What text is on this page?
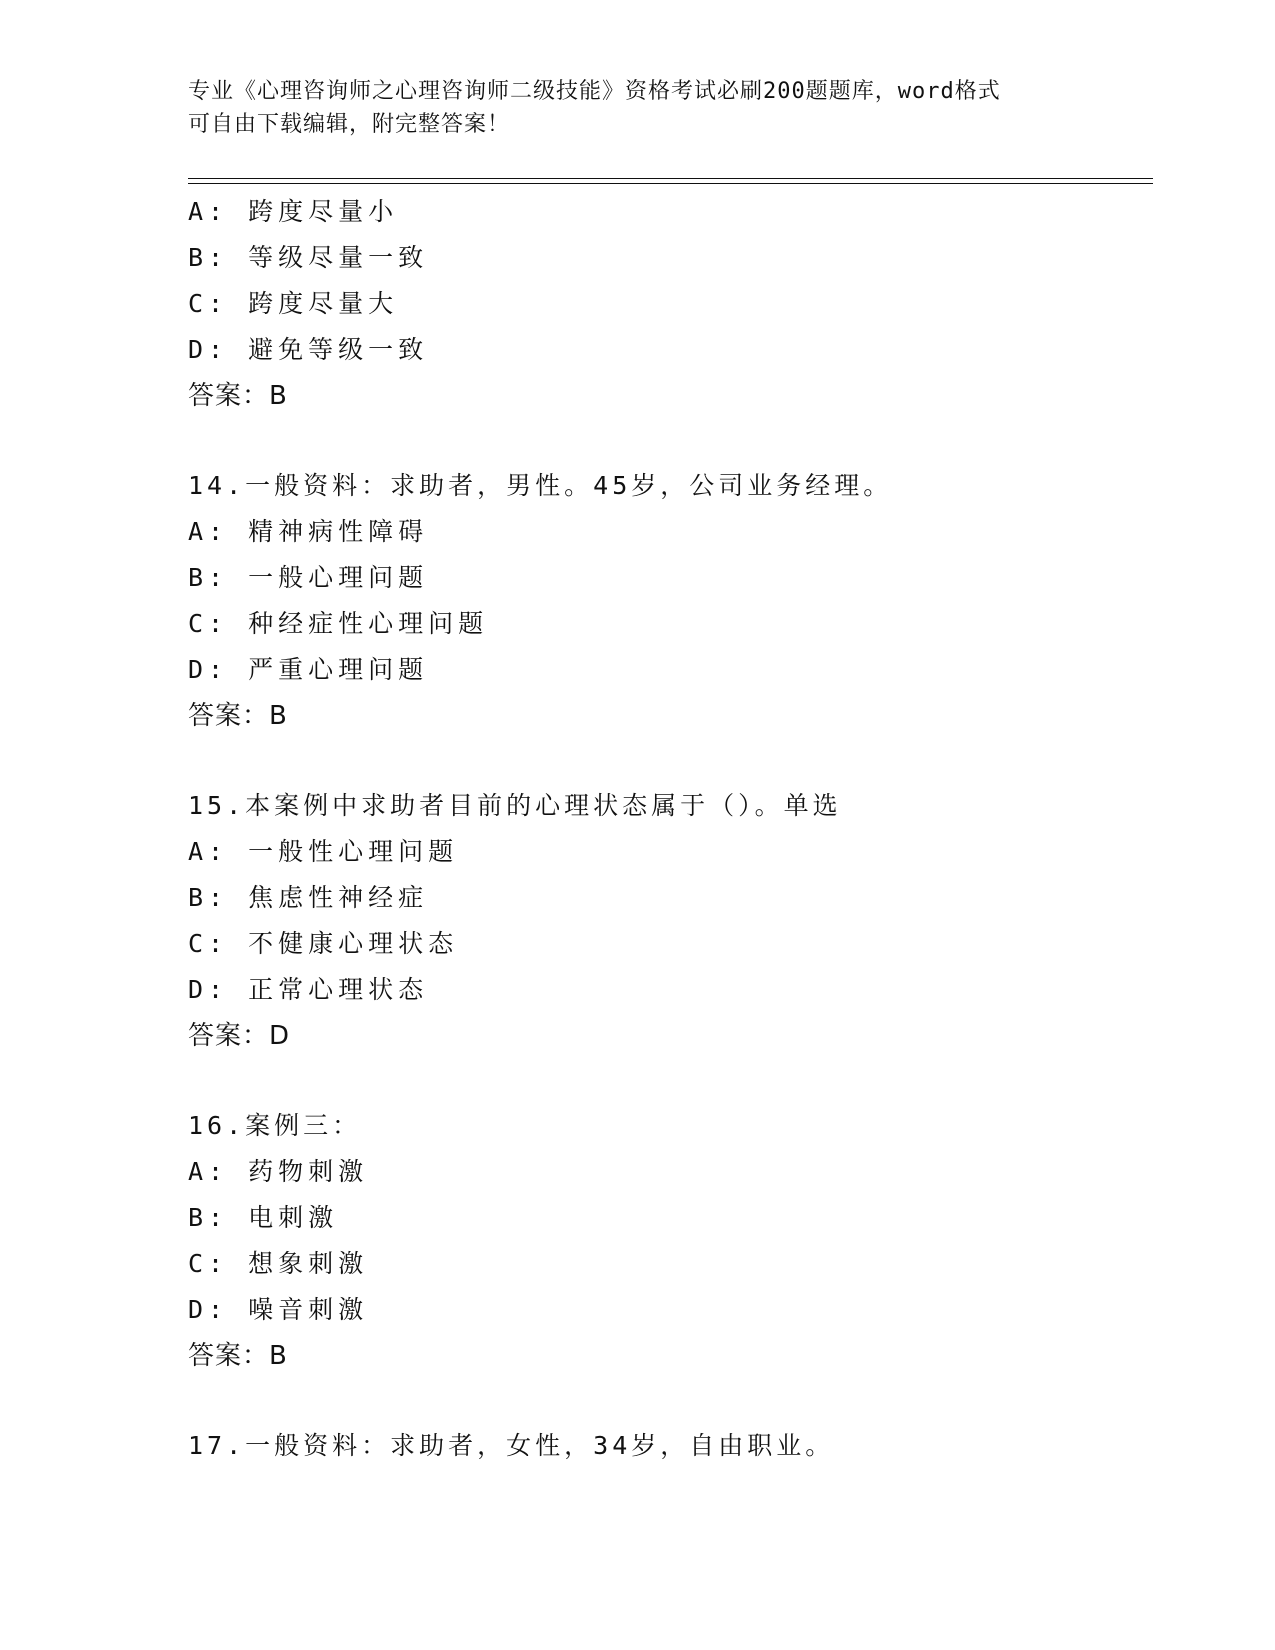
专业《心理咨询师之心理咨询师二级技能》资格考试必刷200题题库，word格式
可自由下载编辑，附完整答案！
A: 跨度尽量小
B: 等级尽量一致
C: 跨度尽量大
D: 避免等级一致
答案：B
14.一般资料：求助者，男性。45岁，公司业务经理。
A: 精神病性障碍
B: 一般心理问题
C: 种经症性心理问题
D: 严重心理问题
答案：B
15.本案例中求助者目前的心理状态属于（）。单选
A: 一般性心理问题
B: 焦虑性神经症
C: 不健康心理状态
D: 正常心理状态
答案：D
16.案例三：
A: 药物刺激
B: 电刺激
C: 想象刺激
D: 噪音刺激
答案：B
17.一般资料：求助者，女性，34岁，自由职业。
